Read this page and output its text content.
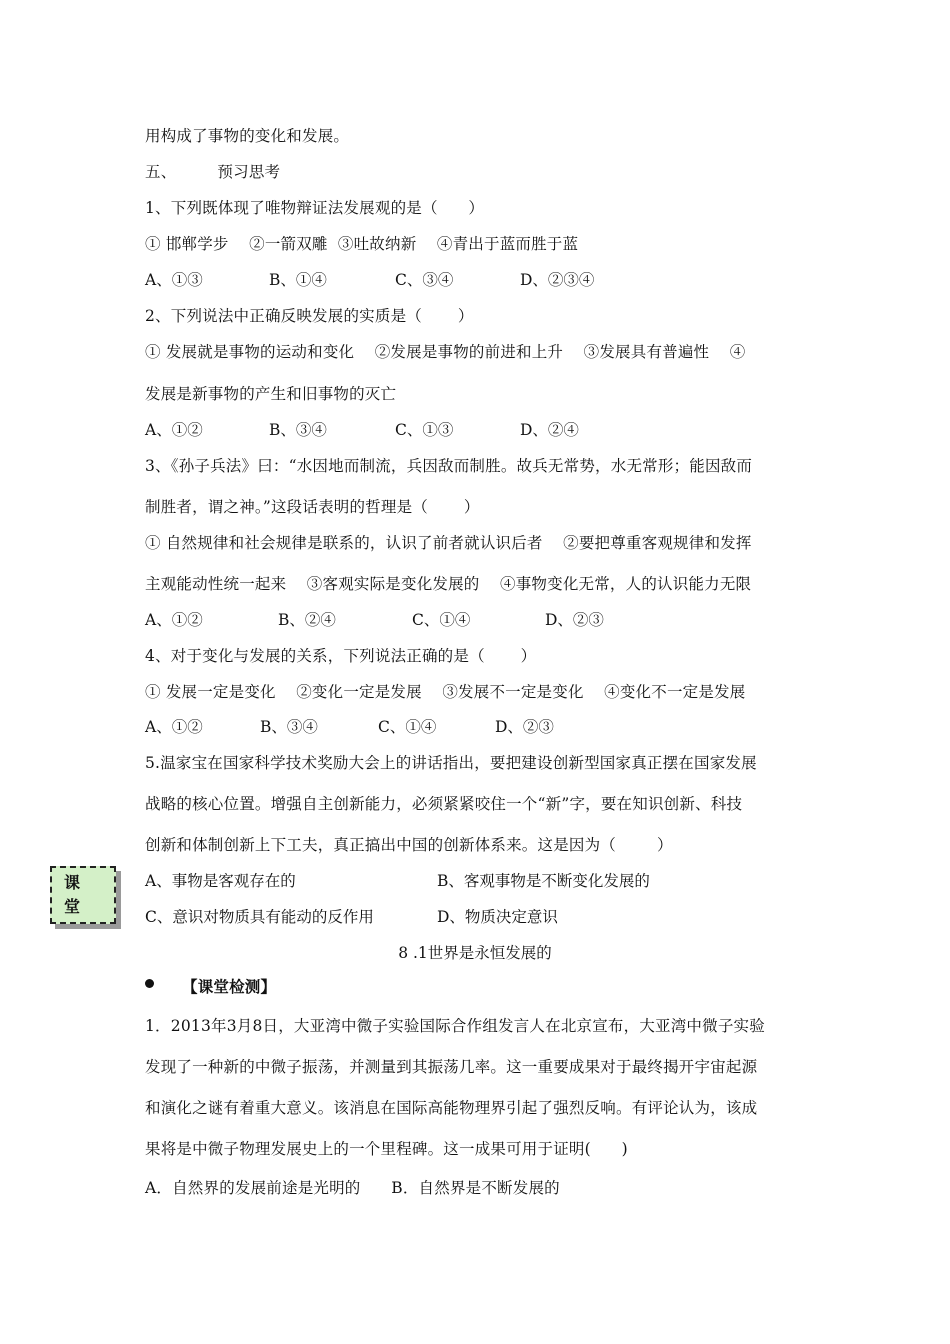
用构成了事物的变化和发展。
五、        预习思考
1、下列既体现了唯物辩证法发展观的是（      ）
① 邯郸学步    ②一箭双雕  ③吐故纳新    ④青出于蓝而胜于蓝
A、①③	B、①④	C、③④	D、②③④
2、下列说法中正确反映发展的实质是（       ）
① 发展就是事物的运动和变化    ②发展是事物的前进和上升    ③发展具有普遍性    ④
发展是新事物的产生和旧事物的灭亡
A、①②	B、③④	C、①③	D、②④
3、《孙子兵法》曰：“水因地而制流，兵因敌而制胜。故兵无常势，水无常形；能因敌而
制胜者，谓之神。”这段话表明的哲理是（       ）
① 自然规律和社会规律是联系的，认识了前者就认识后者    ②要把尊重客观规律和发挥
主观能动性统一起来    ③客观实际是变化发展的    ④事物变化无常，人的认识能力无限
A、①②	B、②④	C、①④	D、②③
4、对于变化与发展的关系，下列说法正确的是（       ）
① 发展一定是变化    ②变化一定是发展    ③发展不一定是变化    ④变化不一定是发展
A、①②	B、③④	C、①④	D、②③
5.温家宝在国家科学技术奖励大会上的讲话指出，要把建设创新型国家真正摆在国家发展
战略的核心位置。增强自主创新能力，必须紧紧咬住一个“新”字，要在知识创新、科技
创新和体制创新上下工夫，真正搞出中国的创新体系来。这是因为（        ）
A、事物是客观存在的	B、客观事物是不断变化发展的
C、意识对物质具有能动的反作用	D、物质决定意识
课
堂
8 .1世界是永恒发展的
【课堂检测】
1．2013年3月8日，大亚湾中微子实验国际合作组发言人在北京宣布，大亚湾中微子实验
发现了一种新的中微子振荡，并测量到其振荡几率。这一重要成果对于最终揭开宇宙起源
和演化之谜有着重大意义。该消息在国际高能物理界引起了强烈反响。有评论认为，该成
果将是中微子物理发展史上的一个里程碑。这一成果可用于证明(      )
A．自然界的发展前途是光明的      B．自然界是不断发展的
